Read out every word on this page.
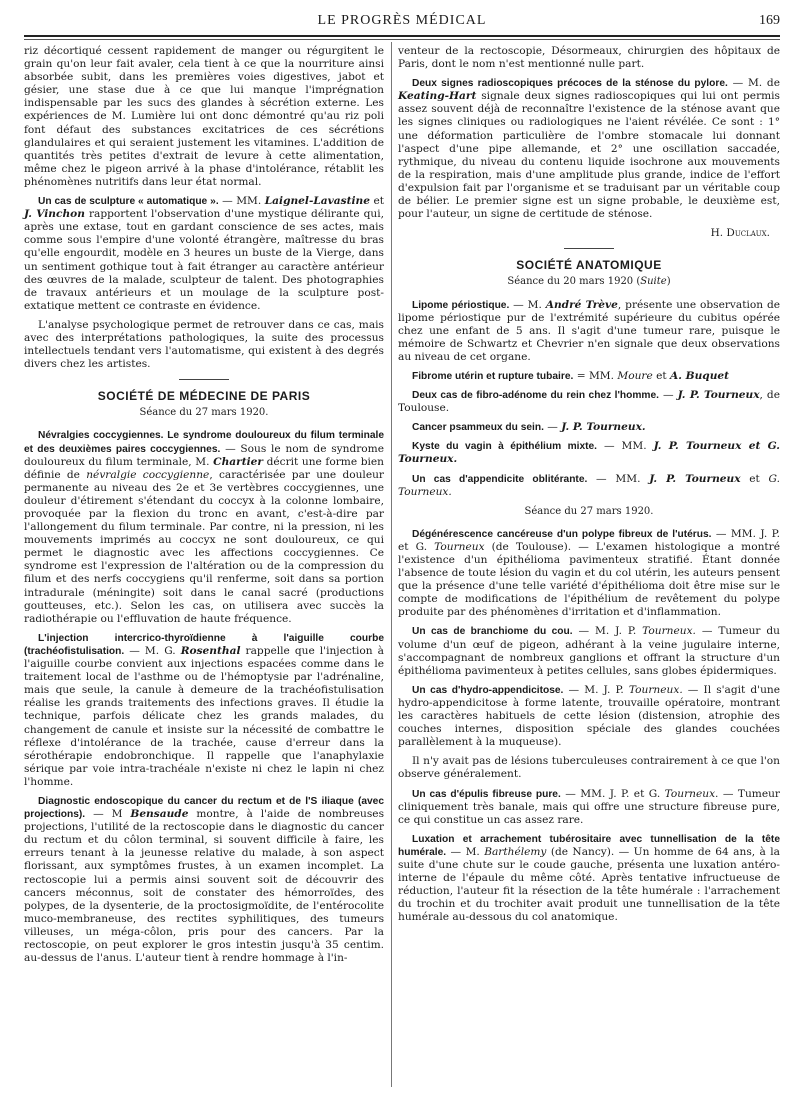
LE PROGRÈS MÉDICAL	169

riz décortiqué cessent rapidement de manger ou régurgitent le grain qu'on leur fait avaler, cela tient à ce que la nourriture ainsi absorbée subit, dans les premières voies digestives, jabot et gésier, une stase due à ce que lui manque l'imprégnation indispensable par les sucs des glandes à sécrétion externe. Les expériences de M. Lumière lui ont donc démontré qu'au riz poli font défaut des substances excitatrices de ces sécrétions glandulaires et qui seraient justement les vitamines. L'addition de quantités très petites d'extrait de levure à cette alimentation, même chez le pigeon arrivé à la phase d'intolérance, rétablit les phénomènes nutritifs dans leur état normal.

Un cas de sculpture « automatique ». — MM. Laignel-Lavastine et J. Vinchon rapportent l'observation d'une mystique délirante qui, après une extase, tout en gardant conscience de ses actes, mais comme sous l'empire d'une volonté étrangère, maîtresse du bras qu'elle engourdit, modèle en 3 heures un buste de la Vierge, dans un sentiment gothique tout à fait étranger au caractère antérieur des œuvres de la malade, sculpteur de talent. Des photographies de travaux antérieurs et un moulage de la sculpture post-extatique mettent ce contraste en évidence.

L'analyse psychologique permet de retrouver dans ce cas, mais avec des interprétations pathologiques, la suite des processus intellectuels tendant vers l'automatisme, qui existent à des degrés divers chez les artistes.

SOCIÉTÉ DE MÉDECINE DE PARIS
Séance du 27 mars 1920.

Névralgies coccygiennes. Le syndrome douloureux du filum terminale et des deuxièmes paires coccygiennes. — Sous le nom de syndrome douloureux du filum terminale, M. Chartier décrit une forme bien définie de névralgie coccygienne, caractérisée par une douleur permanente au niveau des 2e et 3e vertèbres coccygiennes, une douleur d'étirement s'étendant du coccyx à la colonne lombaire, provoquée par la flexion du tronc en avant, c'est-à-dire par l'allongement du filum terminale. Par contre, ni la pression, ni les mouvements imprimés au coccyx ne sont douloureux, ce qui permet le diagnostic avec les affections coccygiennes. Ce syndrome est l'expression de l'altération ou de la compression du filum et des nerfs coccygiens qu'il renferme, soit dans sa portion intradurale (méningite) soit dans le canal sacré (productions goutteuses, etc.). Selon les cas, on utilisera avec succès la radiothérapie ou l'effluvation de haute fréquence.

L'injection intercrico-thyroïdienne à l'aiguille courbe (trachéofistulisation. — M. G. Rosenthal rappelle que l'injection à l'aiguille courbe convient aux injections espacées comme dans le traitement local de l'asthme ou de l'hémoptysie par l'adrénaline, mais que seule, la canule à demeure de la trachéofistulisation réalise les grands traitements des infections graves. Il étudie la technique, parfois délicate chez les grands malades, du changement de canule et insiste sur la nécessité de combattre le réflexe d'intolérance de la trachée, cause d'erreur dans la sérothérapie endobronchique. Il rappelle que l'anaphylaxie sérique par voie intra-trachéale n'existe ni chez le lapin ni chez l'homme.

Diagnostic endoscopique du cancer du rectum et de l'S iliaque (avec projections). — M Bensaude montre, à l'aide de nombreuses projections, l'utilité de la rectoscopie dans le diagnostic du cancer du rectum et du côlon terminal, si souvent difficile à faire, les erreurs tenant à la jeunesse relative du malade, à son aspect florissant, aux symptômes frustes, à un examen incomplet. La rectoscopie lui a permis ainsi souvent soit de découvrir des cancers méconnus, soit de constater des hémorroïdes, des polypes, de la dysenterie, de la proctosigmoïdite, de l'entérocolite muco-membraneuse, des rectites syphilitiques, des tumeurs villeuses, un méga-côlon, pris pour des cancers. Par la rectoscopie, on peut explorer le gros intestin jusqu'à 35 centim. au-dessus de l'anus. L'auteur tient à rendre hommage à l'in-

venteur de la rectoscopie, Désormeaux, chirurgien des hôpitaux de Paris, dont le nom n'est mentionné nulle part.

Deux signes radioscopiques précoces de la sténose du pylore. — M. de Keating-Hart signale deux signes radioscopiques qui lui ont permis assez souvent déjà de reconnaître l'existence de la sténose avant que les signes cliniques ou radiologiques ne l'aient révélée. Ce sont : 1° une déformation particulière de l'ombre stomacale lui donnant l'aspect d'une pipe allemande, et 2° une oscillation saccadée, rythmique, du niveau du contenu liquide isochrone aux mouvements de la respiration, mais d'une amplitude plus grande, indice de l'effort d'expulsion fait par l'organisme et se traduisant par un véritable coup de bélier. Le premier signe est un signe probable, le deuxième est, pour l'auteur, un signe de certitude de sténose.

H. Duclaux.
SOCIÉTÉ ANATOMIQUE
Séance du 20 mars 1920 (Suite)

Lipome périostique. — M. André Trève, présente une observation de lipome périostique pur de l'extrémité supérieure du cubitus opérée chez une enfant de 5 ans. Il s'agit d'une tumeur rare, puisque le mémoire de Schwartz et Chevrier n'en signale que deux observations au niveau de cet organe.

Fibrome utérin et rupture tubaire. = MM. Moure et A. Buquet

Deux cas de fibro-adénome du rein chez l'homme. — J. P. Tourneux, de Toulouse.

Cancer psammeux du sein. — J. P. Tourneux.

Kyste du vagin à épithélium mixte. — MM. J. P. Tourneux et G. Tourneux.

Un cas d'appendicite oblitérante. — MM. J. P. Tourneux et G. Tourneux.

Séance du 27 mars 1920.

Dégénérescence cancéreuse d'un polype fibreux de l'utérus. — MM. J. P. et G. Tourneux (de Toulouse). — L'examen histologique a montré l'existence d'un épithélioma pavimenteux stratifié. Étant donnée l'absence de toute lésion du vagin et du col utérin, les auteurs pensent que la présence d'une telle variété d'épithélioma doit être mise sur le compte de modifications de l'épithélium de revêtement du polype produite par des phénomènes d'irritation et d'inflammation.

Un cas de branchiome du cou. — M. J. P. Tourneux. — Tumeur du volume d'un œuf de pigeon, adhérant à la veine jugulaire interne, s'accompagnant de nombreux ganglions et offrant la structure d'un épithélioma pavimenteux à petites cellules, sans globes épidermiques.

Un cas d'hydro-appendicitose. — M. J. P. Tourneux. — Il s'agit d'une hydro-appendicitose à forme latente, trouvaille opératoire, montrant les caractères habituels de cette lésion (distension, atrophie des couches internes, disposition spéciale des glandes couchées parallèlement à la muqueuse).

Il n'y avait pas de lésions tuberculeuses contrairement à ce que l'on observe généralement.

Un cas d'épulis fibreuse pure. — MM. J. P. et G. Tourneux. — Tumeur cliniquement très banale, mais qui offre une structure fibreuse pure, ce qui constitue un cas assez rare.

Luxation et arrachement tubérositaire avec tunnellisation de la tête humérale. — M. Barthélemy (de Nancy). — Un homme de 64 ans, à la suite d'une chute sur le coude gauche, présenta une luxation antéro-interne de l'épaule du même côté. Après tentative infructueuse de réduction, l'auteur fit la résection de la tête humérale : l'arrachement du trochin et du trochiter avait produit une tunnellisation de la tête humérale au-dessous du col anatomique.
